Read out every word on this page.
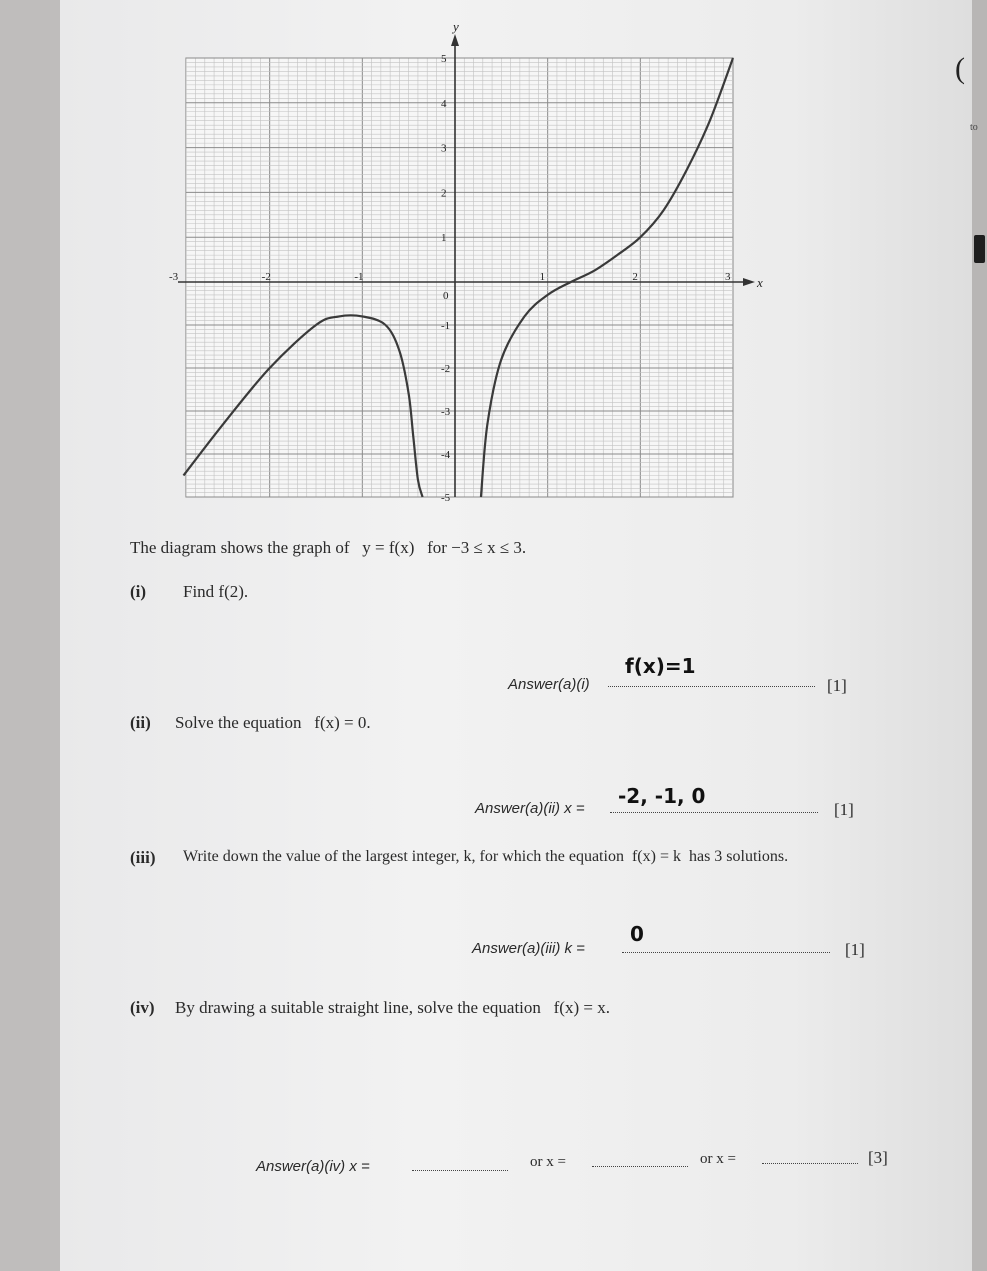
(
to
x
y
-3	-2	-1
0
1	2	3
5
4
3
2
1
-1
-2
-3
-4
-5
The diagram shows the graph of y = f(x) for −3 ≤ x ≤ 3.
(i) Find f(2).
Answer(a)(i)
f(x)=1
[1]
(ii) Solve the equation f(x) = 0.
Answer(a)(ii) x =
-2, -1, 0
[1]
(iii) Write down the value of the largest integer, k, for which the equation f(x) = k has 3 solutions.
Answer(a)(iii) k =
0
[1]
(iv) By drawing a suitable straight line, solve the equation f(x) = x.
Answer(a)(iv) x =	or x =	or x =	[3]
